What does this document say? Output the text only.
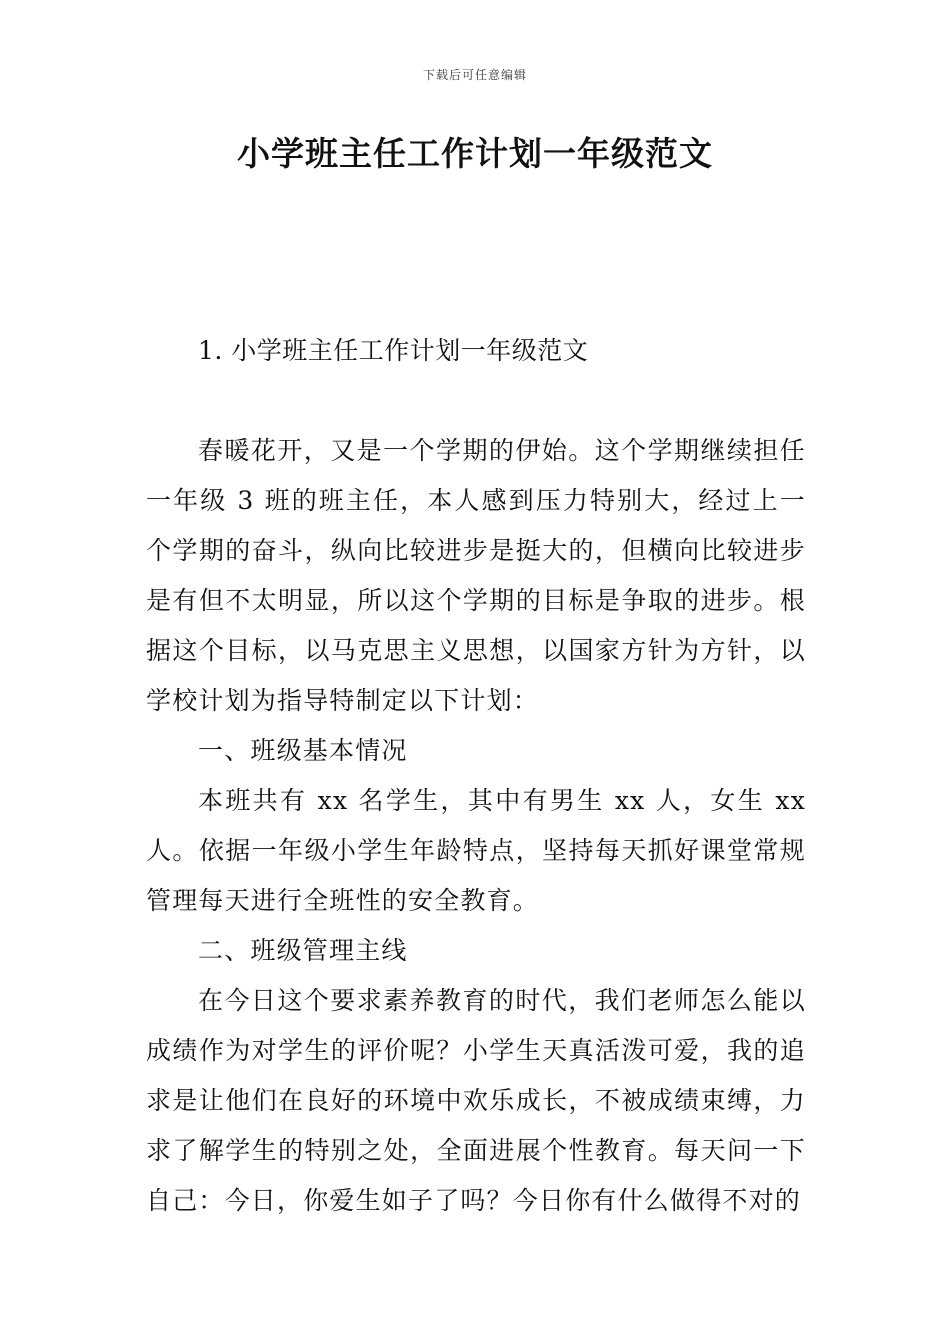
下载后可任意编辑
小学班主任工作计划一年级范文

1. 小学班主任工作计划一年级范文

春暖花开，又是一个学期的伊始。这个学期继续担任一年级 3 班的班主任，本人感到压力特别大，经过上一个学期的奋斗，纵向比较进步是挺大的，但横向比较进步是有但不太明显，所以这个学期的目标是争取的进步。根据这个目标，以马克思主义思想，以国家方针为方针，以学校计划为指导特制定以下计划：

一、班级基本情况

本班共有 xx 名学生，其中有男生 xx 人，女生 xx 人。依据一年级小学生年龄特点，坚持每天抓好课堂常规管理每天进行全班性的安全教育。

二、班级管理主线

在今日这个要求素养教育的时代，我们老师怎么能以成绩作为对学生的评价呢？小学生天真活泼可爱，我的追求是让他们在良好的环境中欢乐成长，不被成绩束缚，力求了解学生的特别之处，全面进展个性教育。每天问一下自己：今日，你爱生如子了吗？今日你有什么做得不对的
